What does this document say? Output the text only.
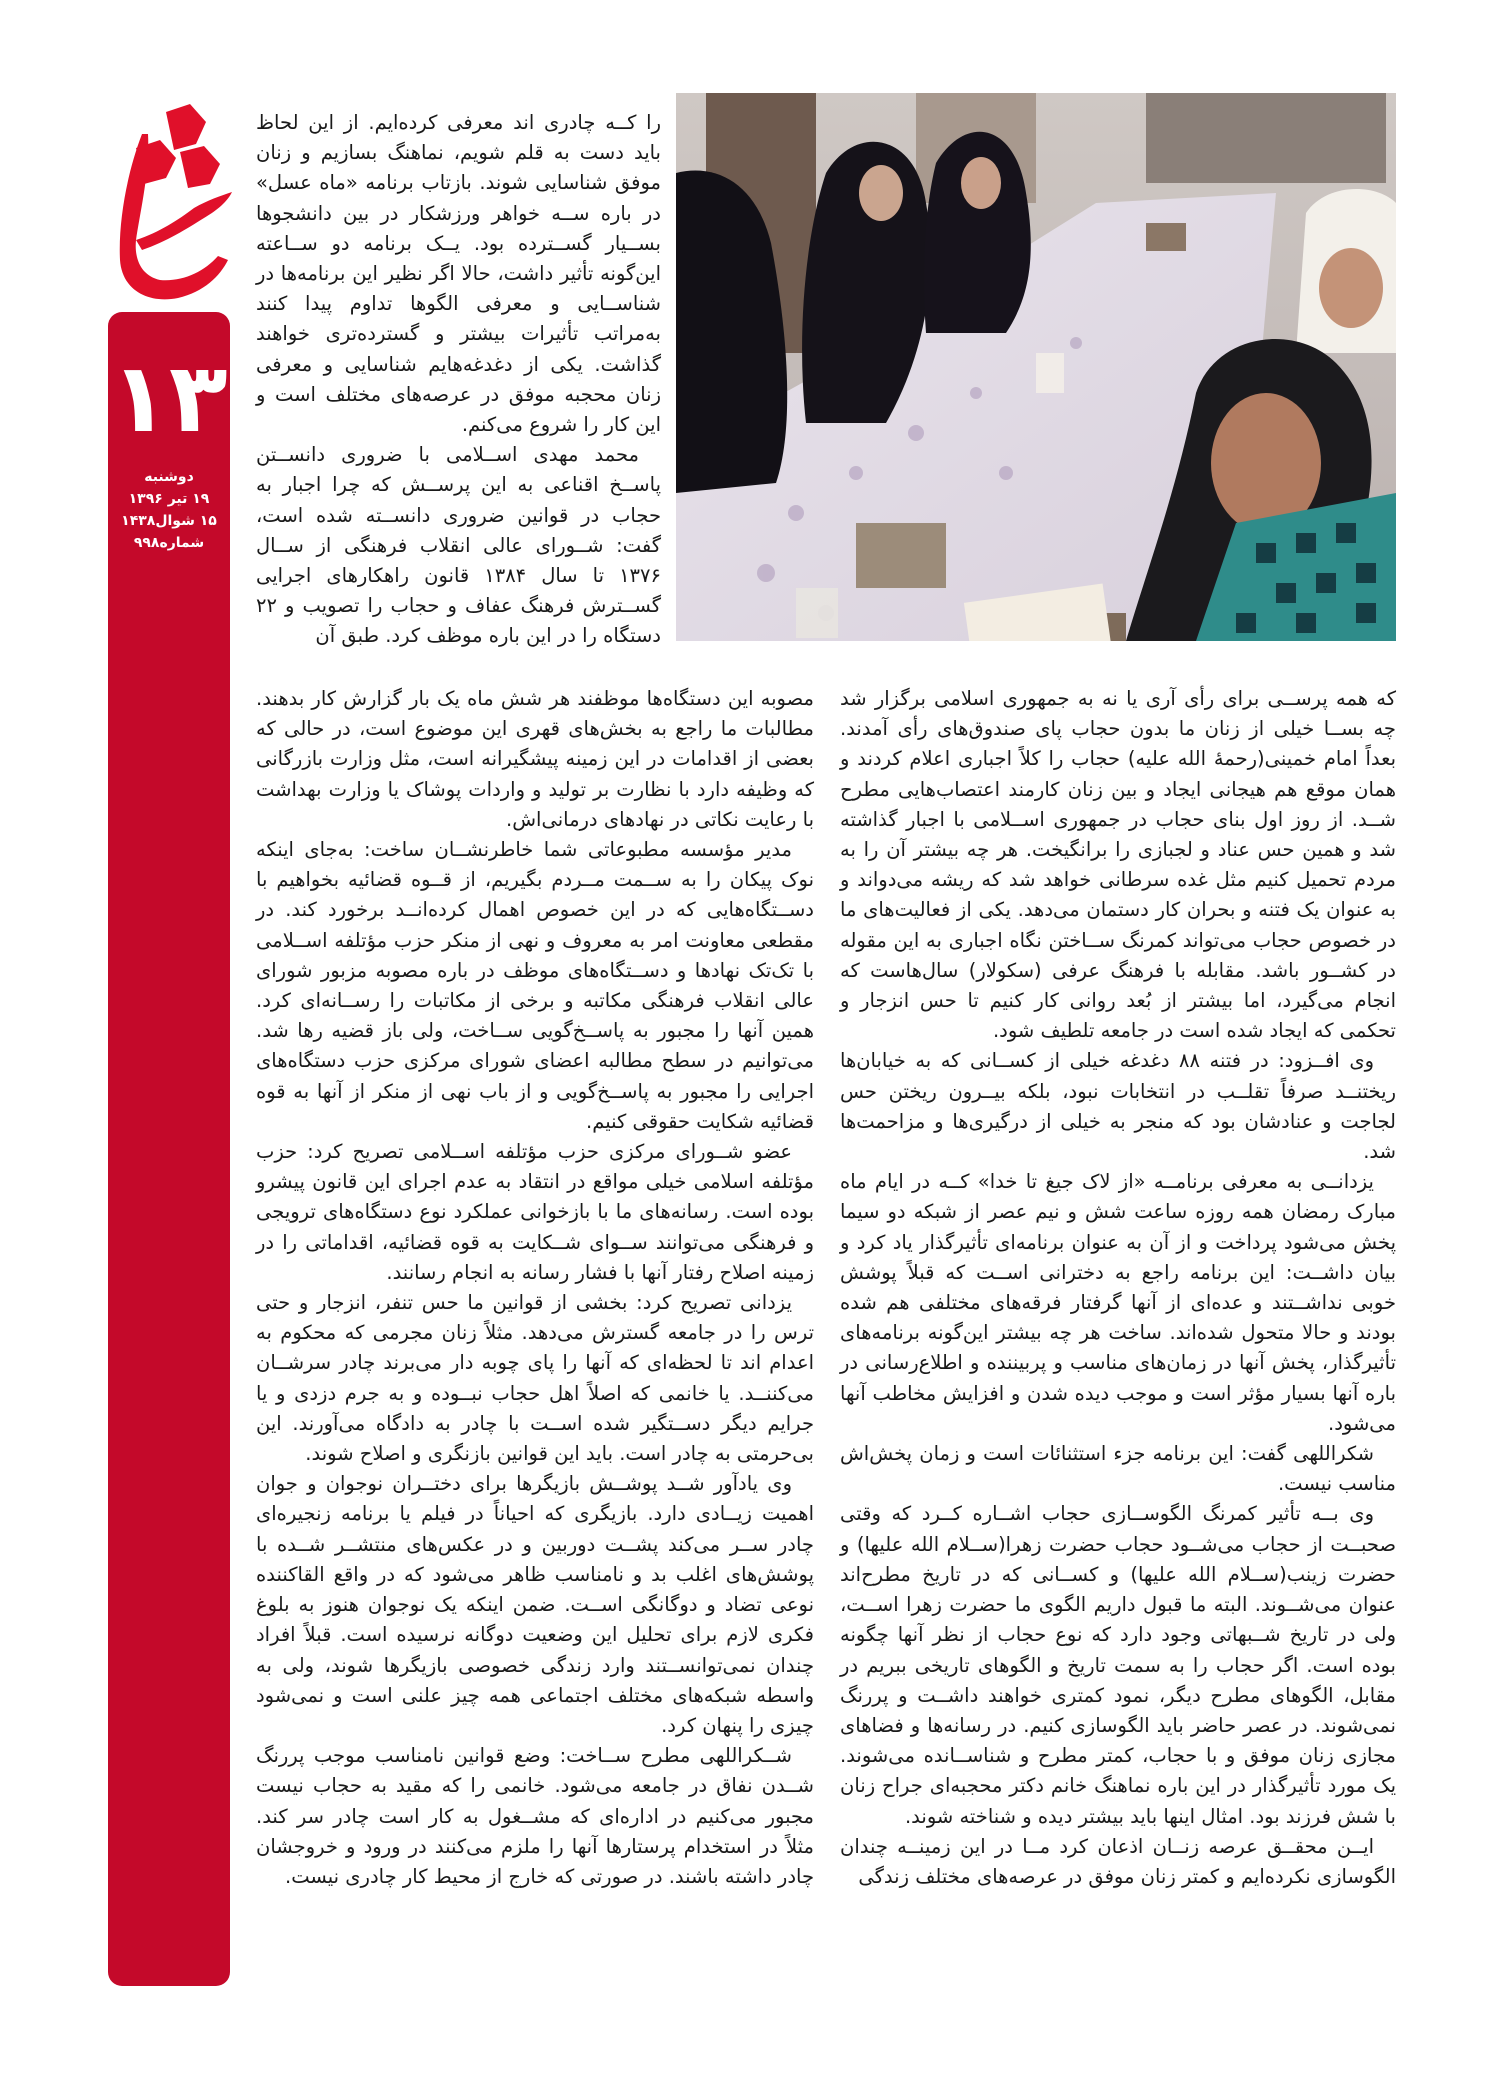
۱۳
دوشنبه
۱۹ تیر ۱۳۹۶
۱۵ شوال۱۴۳۸
شماره۹۹۸

را کــه چادری اند معرفی کرده‌ایم. از این لحاظ باید دست به قلم شویم، نماهنگ بسازیم و زنان موفق شناسایی شوند. بازتاب برنامه «ماه عسل» در باره ســه خواهر ورزشکار در بین دانشجوها بســیار گســترده بود. یــک برنامه دو ســاعته این‌گونه تأثیر داشت، حالا اگر نظیر این برنامه‌ها در شناســایی و معرفی الگوها تداوم پیدا کنند به‌مراتب تأثیرات بیشتر و گسترده‌تری خواهند گذاشت. یکی از دغدغه‌هایم شناسایی و معرفی زنان محجبه موفق در عرصه‌های مختلف است و این کار را شروع می‌کنم.

محمد مهدی اســلامی با ضروری دانســتن پاســخ اقناعی به این پرســش که چرا اجبار به حجاب در قوانین ضروری دانســته شده است، گفت: شــورای عالی انقلاب فرهنگی از ســال ۱۳۷۶ تا سال ۱۳۸۴ قانون راهکارهای اجرایی گســترش فرهنگ عفاف و حجاب را تصویب و ۲۲ دستگاه را در این باره موظف کرد. طبق آن

مصوبه این دستگاه‌ها موظفند هر شش ماه یک بار گزارش کار بدهند. مطالبات ما راجع به بخش‌های قهری این موضوع است، در حالی که بعضی از اقدامات در این زمینه پیشگیرانه است، مثل وزارت بازرگانی که وظیفه دارد با نظارت بر تولید و واردات پوشاک یا وزارت بهداشت با رعایت نکاتی در نهادهای درمانی‌اش.

مدیر مؤسسه مطبوعاتی شما خاطرنشــان ساخت: به‌جای اینکه نوک پیکان را به ســمت مــردم بگیریم، از قــوه قضائیه بخواهیم با دســتگاه‌هایی که در این خصوص اهمال کرده‌انــد برخورد کند. در مقطعی معاونت امر به معروف و نهی از منکر حزب مؤتلفه اســلامی با تک‌تک نهادها و دســتگاه‌های موظف در باره مصوبه مزبور شورای عالی انقلاب فرهنگی مکاتبه و برخی از مکاتبات را رســانه‌ای کرد. همین آنها را مجبور به پاســخ‌گویی ســاخت، ولی باز قضیه رها شد. می‌توانیم در سطح مطالبه اعضای شورای مرکزی حزب دستگاه‌های اجرایی را مجبور به پاســخ‌گویی و از باب نهی از منکر از آنها به قوه قضائیه شکایت حقوقی کنیم.

عضو شــورای مرکزی حزب مؤتلفه اســلامی تصریح کرد: حزب مؤتلفه اسلامی خیلی مواقع در انتقاد به عدم اجرای این قانون پیشرو بوده است. رسانه‌های ما با بازخوانی عملکرد نوع دستگاه‌های ترویجی و فرهنگی می‌توانند ســوای شــکایت به قوه قضائیه، اقداماتی را در زمینه اصلاح رفتار آنها با فشار رسانه به انجام رسانند.

یزدانی تصریح کرد: بخشی از قوانین ما حس تنفر، انزجار و حتی ترس را در جامعه گسترش می‌دهد. مثلاً زنان مجرمی که محکوم به اعدام اند تا لحظه‌ای که آنها را پای چوبه دار می‌برند چادر سرشــان می‌کننــد. یا خانمی که اصلاً اهل حجاب نبــوده و به جرم دزدی و یا جرایم دیگر دســتگیر شده اســت با چادر به دادگاه می‌آورند. این بی‌حرمتی به چادر است. باید این قوانین بازنگری و اصلاح شوند.

وی یادآور شــد پوشــش بازیگرها برای دختــران نوجوان و جوان اهمیت زیــادی دارد. بازیگری که احیاناً در فیلم یا برنامه زنجیره‌ای چادر ســر می‌کند پشــت دوربین و در عکس‌های منتشــر شــده با پوشش‌های اغلب بد و نامناسب ظاهر می‌شود که در واقع القاکننده نوعی تضاد و دوگانگی اســت. ضمن اینکه یک نوجوان هنوز به بلوغ فکری لازم برای تحلیل این وضعیت دوگانه نرسیده است. قبلاً افراد چندان نمی‌توانســتند وارد زندگی خصوصی بازیگرها شوند، ولی به واسطه شبکه‌های مختلف اجتماعی همه چیز علنی است و نمی‌شود چیزی را پنهان کرد.

شــکراللهی مطرح ســاخت: وضع قوانین نامناسب موجب پررنگ شــدن نفاق در جامعه می‌شود. خانمی را که مقید به حجاب نیست مجبور می‌کنیم در اداره‌ای که مشــغول به کار است چادر سر کند. مثلاً در استخدام پرستارها آنها را ملزم می‌کنند در ورود و خروجشان چادر داشته باشند. در صورتی که خارج از محیط کار چادری نیست.

که همه پرســی برای رأی آری یا نه به جمهوری اسلامی برگزار شد چه بســا خیلی از زنان ما بدون حجاب پای صندوق‌های رأی آمدند. بعداً امام خمینی(رحمهٔ الله علیه) حجاب را کلاً اجباری اعلام کردند و همان موقع هم هیجانی ایجاد و بین زنان کارمند اعتصاب‌هایی مطرح شــد. از روز اول بنای حجاب در جمهوری اســلامی با اجبار گذاشته شد و همین حس عناد و لجبازی را برانگیخت. هر چه بیشتر آن را به مردم تحمیل کنیم مثل غده سرطانی خواهد شد که ریشه می‌دواند و به عنوان یک فتنه و بحران کار دستمان می‌دهد. یکی از فعالیت‌های ما در خصوص حجاب می‌تواند کمرنگ ســاختن نگاه اجباری به این مقوله در کشــور باشد. مقابله با فرهنگ عرفی (سکولار) سال‌هاست که انجام می‌گیرد، اما بیشتر از بُعد روانی کار کنیم تا حس انزجار و تحکمی که ایجاد شده است در جامعه تلطیف شود.

وی افــزود: در فتنه ۸۸ دغدغه خیلی از کســانی که به خیابان‌ها ریختنــد صرفاً تقلــب در انتخابات نبود، بلکه بیــرون ریختن حس لجاجت و عنادشان بود که منجر به خیلی از درگیری‌ها و مزاحمت‌ها شد.

یزدانــی به معرفی برنامــه «از لاک جیغ تا خدا» کــه در ایام ماه مبارک رمضان همه روزه ساعت شش و نیم عصر از شبکه دو سیما پخش می‌شود پرداخت و از آن به عنوان برنامه‌ای تأثیرگذار یاد کرد و بیان داشــت: این برنامه راجع به دخترانی اســت که قبلاً پوشش خوبی نداشــتند و عده‌ای از آنها گرفتار فرقه‌های مختلفی هم شده بودند و حالا متحول شده‌اند. ساخت هر چه بیشتر این‌گونه برنامه‌های تأثیرگذار، پخش آنها در زمان‌های مناسب و پربیننده و اطلاع‌رسانی در باره آنها بسیار مؤثر است و موجب دیده شدن و افزایش مخاطب آنها می‌شود.

شکراللهی گفت: این برنامه جزء استثنائات است و زمان پخش‌اش مناسب نیست.

وی بــه تأثیر کمرنگ الگوســازی حجاب اشــاره کــرد که وقتی صحبــت از حجاب می‌شــود حجاب حضرت زهرا(ســلام الله علیها) و حضرت زینب(ســلام الله علیها) و کســانی که در تاریخ مطرح‌اند عنوان می‌شــوند. البته ما قبول داریم الگوی ما حضرت زهرا اســت، ولی در تاریخ شــبهاتی وجود دارد که نوع حجاب از نظر آنها چگونه بوده است. اگر حجاب را به سمت تاریخ و الگوهای تاریخی ببریم در مقابل، الگوهای مطرح دیگر، نمود کمتری خواهند داشــت و پررنگ نمی‌شوند. در عصر حاضر باید الگوسازی کنیم. در رسانه‌ها و فضاهای مجازی زنان موفق و با حجاب، کمتر مطرح و شناســانده می‌شوند. یک مورد تأثیرگذار در این باره نماهنگ خانم دکتر محجبه‌ای جراح زنان با شش فرزند بود. امثال اینها باید بیشتر دیده و شناخته شوند.

ایــن محقــق عرصه زنــان اذعان کرد مــا در این زمینــه چندان الگوسازی نکرده‌ایم و کمتر زنان موفق در عرصه‌های مختلف زندگی
